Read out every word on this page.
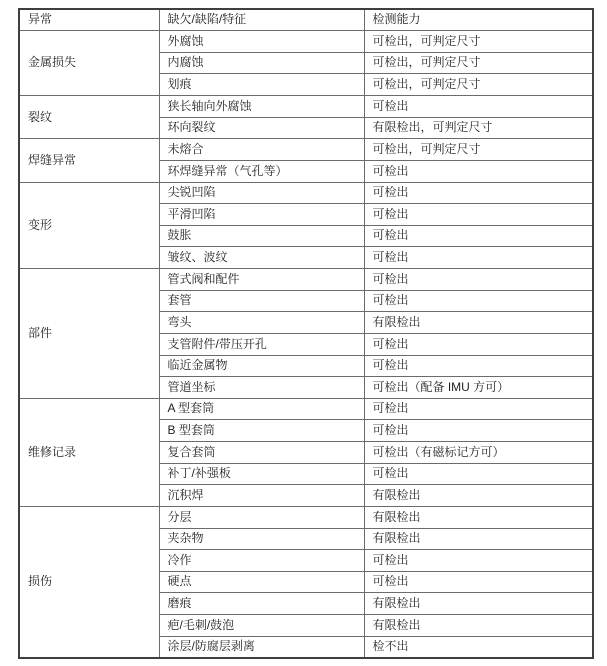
异常	缺欠/缺陷/特征	检测能力
金属损失	外腐蚀	可检出，可判定尺寸
	内腐蚀	可检出，可判定尺寸
	划痕	可检出，可判定尺寸
裂纹	狭长轴向外腐蚀	可检出
	环向裂纹	有限检出，可判定尺寸
焊缝异常	未熔合	可检出，可判定尺寸
	环焊缝异常（气孔等）	可检出
变形	尖锐凹陷	可检出
	平滑凹陷	可检出
	鼓胀	可检出
	皱纹、波纹	可检出
部件	管式阀和配件	可检出
	套管	可检出
	弯头	有限检出
	支管附件/带压开孔	可检出
	临近金属物	可检出
	管道坐标	可检出（配备 IMU 方可）
维修记录	A 型套筒	可检出
	B 型套筒	可检出
	复合套筒	可检出（有磁标记方可）
	补丁/补强板	可检出
	沉积焊	有限检出
损伤	分层	有限检出
	夹杂物	有限检出
	冷作	可检出
	硬点	可检出
	磨痕	有限检出
	疤/毛刺/鼓泡	有限检出
	涂层/防腐层剥离	检不出
